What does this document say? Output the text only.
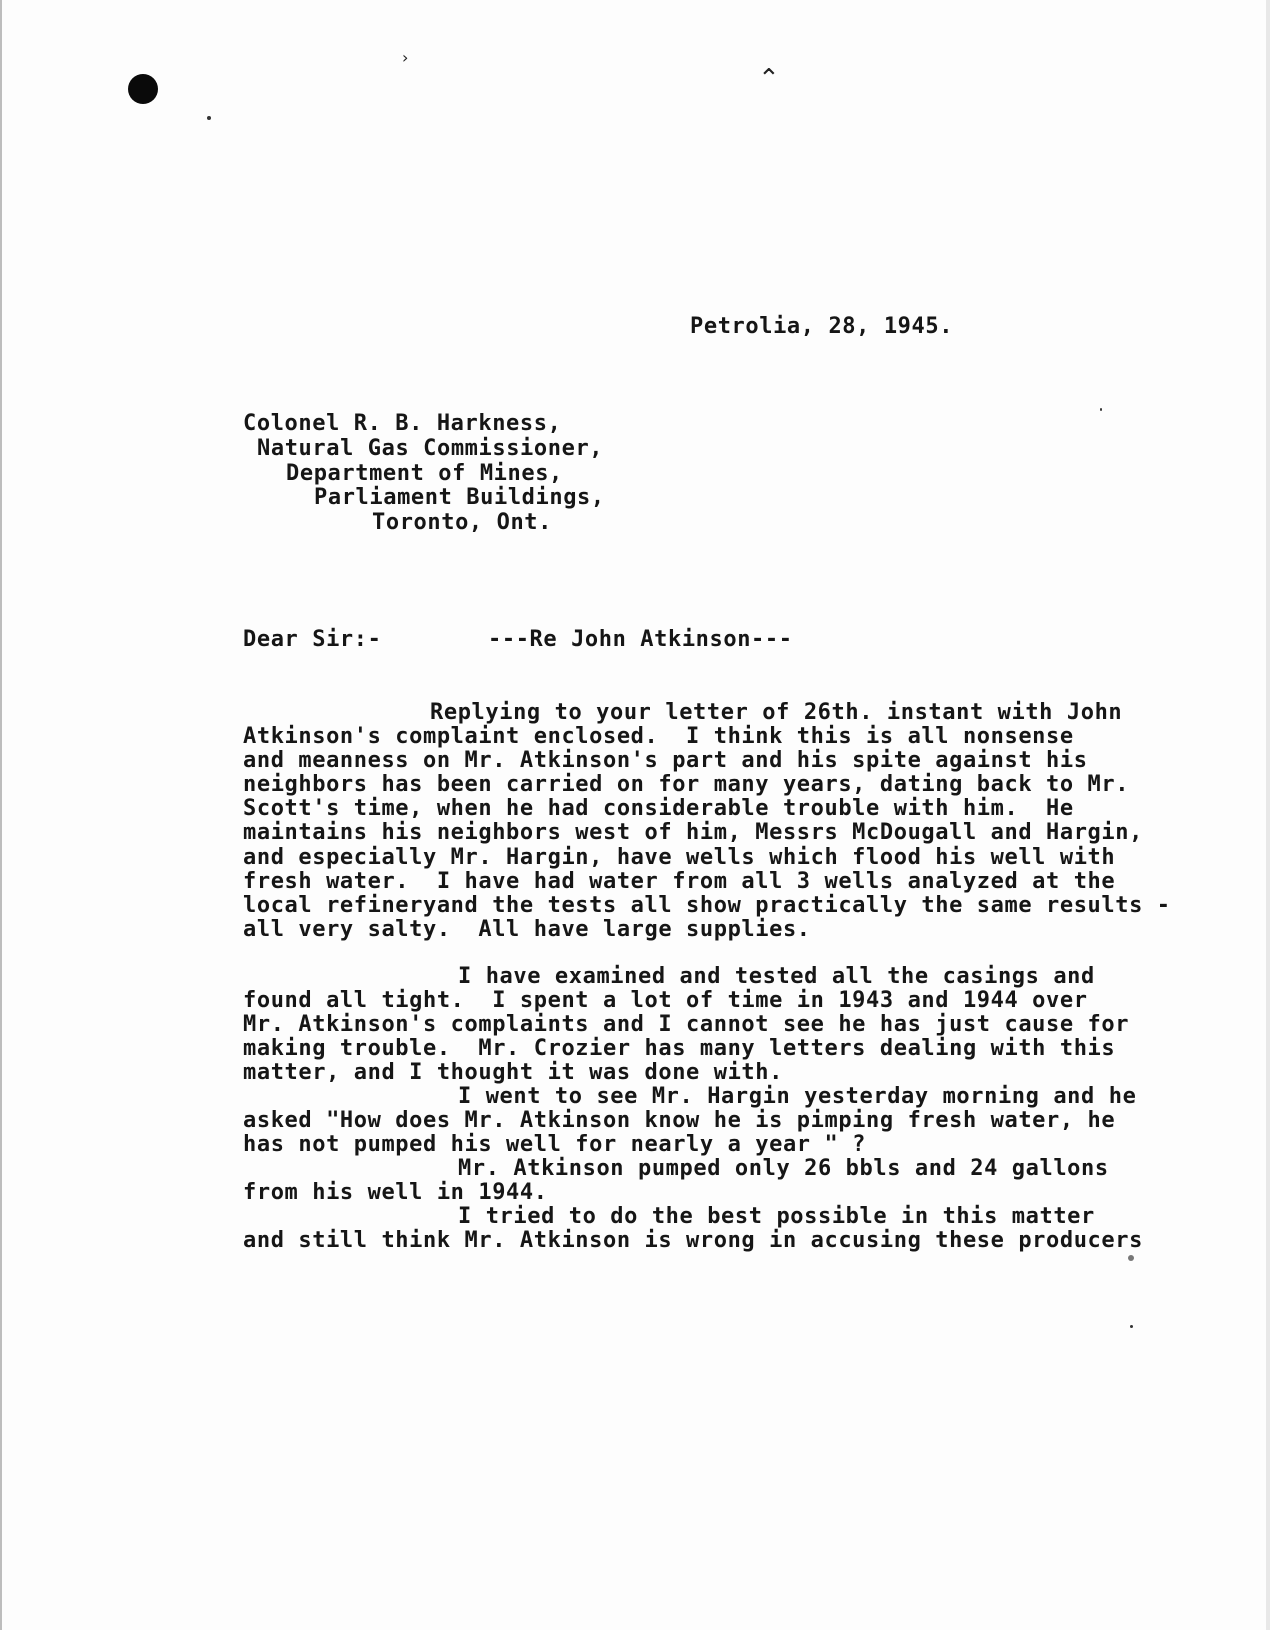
›
⌃
Petrolia, 28, 1945.
Colonel R. B. Harkness,
Natural Gas Commissioner,
Department of Mines,
Parliament Buildings,
Toronto, Ont.
Dear Sir:-	---Re John Atkinson---
Replying to your letter of 26th. instant with John
Atkinson's complaint enclosed.  I think this is all nonsense
and meanness on Mr. Atkinson's part and his spite against his
neighbors has been carried on for many years, dating back to Mr.
Scott's time, when he had considerable trouble with him.  He
maintains his neighbors west of him, Messrs McDougall and Hargin,
and especially Mr. Hargin, have wells which flood his well with
fresh water.  I have had water from all 3 wells analyzed at the
local refineryand the tests all show practically the same results -
all very salty.  All have large supplies.
I have examined and tested all the casings and
found all tight.  I spent a lot of time in 1943 and 1944 over
Mr. Atkinson's complaints and I cannot see he has just cause for
making trouble.  Mr. Crozier has many letters dealing with this
matter, and I thought it was done with.
I went to see Mr. Hargin yesterday morning and he
asked "How does Mr. Atkinson know he is pimping fresh water, he
has not pumped his well for nearly a year " ?
Mr. Atkinson pumped only 26 bbls and 24 gallons
from his well in 1944.
I tried to do the best possible in this matter
and still think Mr. Atkinson is wrong in accusing these producers
